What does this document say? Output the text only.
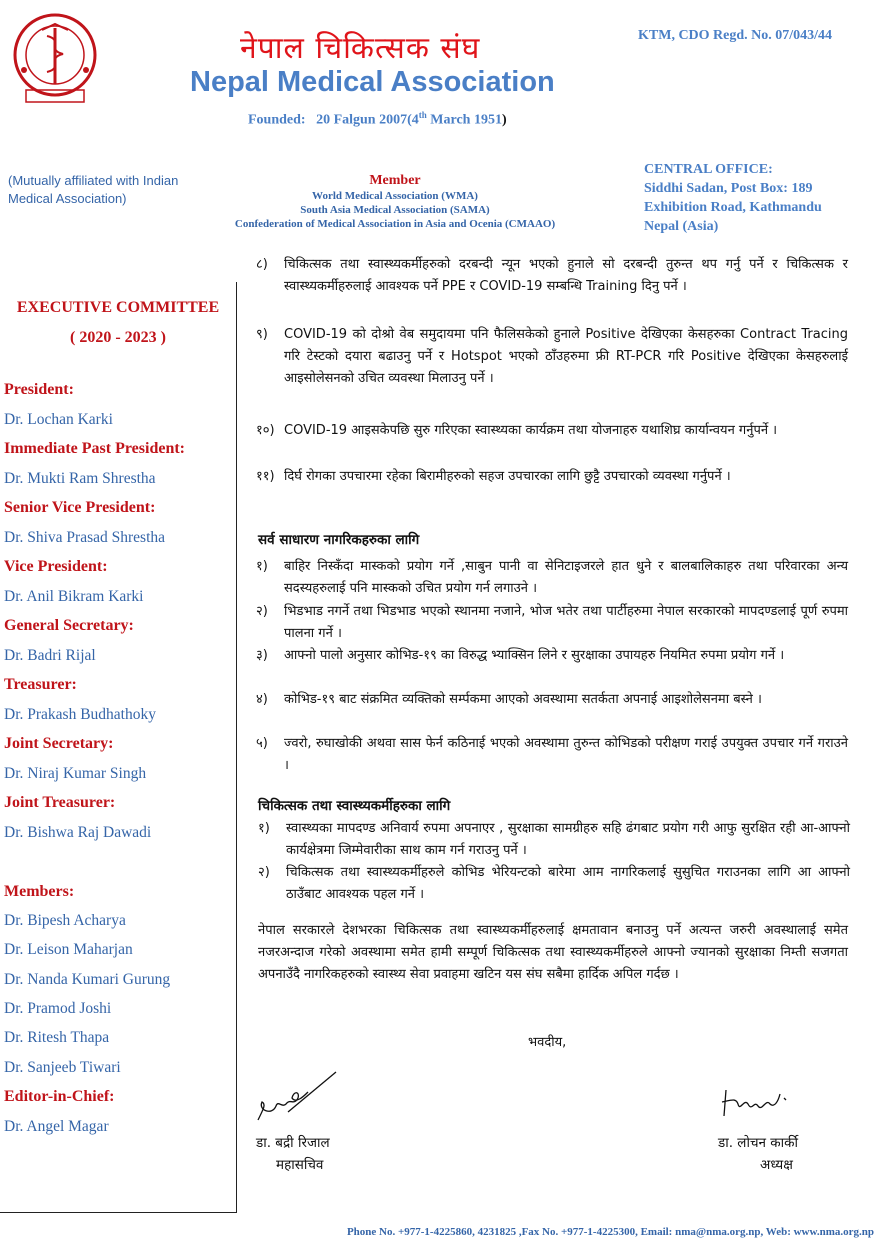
नेपाल चिकित्सक संघ
Nepal Medical Association
Founded: 20 Falgun 2007(4th March 1951)
KTM, CDO Regd. No. 07/043/44
(Mutually affiliated with Indian Medical Association)
Member
World Medical Association (WMA)
South Asia Medical Association (SAMA)
Confederation of Medical Association in Asia and Ocenia (CMAAO)
CENTRAL OFFICE:
Siddhi Sadan, Post Box: 189
Exhibition Road, Kathmandu
Nepal (Asia)
EXECUTIVE COMMITTEE
( 2020 - 2023 )
President:
Dr. Lochan Karki
Immediate Past President:
Dr. Mukti Ram Shrestha
Senior Vice President:
Dr. Shiva Prasad Shrestha
Vice President:
Dr. Anil Bikram Karki
General Secretary:
Dr. Badri Rijal
Treasurer:
Dr. Prakash Budhathoky
Joint Secretary:
Dr. Niraj Kumar Singh
Joint Treasurer:
Dr. Bishwa Raj Dawadi
Members:
Dr. Bipesh Acharya
Dr. Leison Maharjan
Dr. Nanda Kumari Gurung
Dr. Pramod Joshi
Dr. Ritesh Thapa
Dr. Sanjeeb Tiwari
Editor-in-Chief:
Dr. Angel Magar
८) चिकित्सक तथा स्वास्थ्यकर्मीहरुको दरबन्दी न्यून भएको हुनाले सो दरबन्दी तुरुन्त थप गर्नु पर्ने र चिकित्सक र स्वास्थ्यकर्मीहरुलाई आवश्यक पर्ने PPE र COVID-19 सम्बन्धि Training दिनु पर्ने ।
९) COVID-19 को दोश्रो वेब समुदायमा पनि फैलिसकेको हुनाले Positive देखिएका केसहरुका Contract Tracing गरि टेस्टको दयारा बढाउनु पर्ने र Hotspot भएको ठाँउहरुमा फ्री RT-PCR गरि Positive देखिएका केसहरुलाई आइसोलेसनको उचित व्यवस्था मिलाउनु पर्ने ।
१०) COVID-19 आइसकेपछि सुरु गरिएका स्वास्थ्यका कार्यक्रम तथा योजनाहरु यथाशिघ्र कार्यान्वयन गर्नुपर्ने ।
११) दिर्घ रोगका उपचारमा रहेका बिरामीहरुको सहज उपचारका लागि छुट्टै उपचारको व्यवस्था गर्नुपर्ने ।
सर्व साधारण नागरिकहरुका लागि
१) बाहिर निस्कँदा मास्कको प्रयोग गर्ने ,साबुन पानी वा सेनिटाइजरले हात धुने र बालबालिकाहरु तथा परिवारका अन्य सदस्यहरुलाई पनि मास्कको उचित प्रयोग गर्न लगाउने ।
२) भिडभाड नगर्ने तथा भिडभाड भएको स्थानमा नजाने, भोज भतेर तथा पार्टीहरुमा नेपाल सरकारको मापदण्डलाई पूर्ण रुपमा पालना गर्ने ।
३) आफ्नो पालो अनुसार कोभिड-१९ का विरुद्ध भ्याक्सिन लिने र सुरक्षाका उपायहरु नियमित रुपमा प्रयोग गर्ने ।
४) कोभिड-१९ बाट संक्रमित व्यक्तिको सर्म्पकमा आएको अवस्थामा सतर्कता अपनाई आइशोलेसनमा बस्ने ।
५) ज्वरो, रुघाखोकी अथवा सास फेर्न कठिनाई भएको अवस्थामा तुरुन्त कोभिडको परीक्षण गराई उपयुक्त उपचार गर्ने गराउने ।
चिकित्सक तथा स्वास्थ्यकर्मीहरुका लागि
१) स्वास्थ्यका मापदण्ड अनिवार्य रुपमा अपनाएर , सुरक्षाका सामग्रीहरु सहि ढंगबाट प्रयोग गरी आफु सुरक्षित रही आ-आफ्नो कार्यक्षेत्रमा जिम्मेवारीका साथ काम गर्न गराउनु पर्ने ।
२) चिकित्सक तथा स्वास्थ्यकर्मीहरुले कोभिड भेरियन्टको बारेमा आम नागरिकलाई सुसुचित गराउनका लागि आ आफ्नो ठाउँबाट आवश्यक पहल गर्ने ।
नेपाल सरकारले देशभरका चिकित्सक तथा स्वास्थ्यकर्मीहरुलाई क्षमतावान बनाउनु पर्ने अत्यन्त जरुरी अवस्थालाई समेत नजरअन्दाज गरेको अवस्थामा समेत हामी सम्पूर्ण चिकित्सक तथा स्वास्थ्यकर्मीहरुले आफ्नो ज्यानको सुरक्षाका निम्ती सजगता अपनाउँदै नागरिकहरुको स्वास्थ्य सेवा प्रवाहमा खटिन यस संघ सबैमा हार्दिक अपिल गर्दछ ।
भवदीय,
डा. बद्री रिजाल
महासचिव
डा. लोचन कार्की
अध्यक्ष
Phone No. +977-1-4225860, 4231825 ,Fax No. +977-1-4225300, Email: nma@nma.org.np, Web: www.nma.org.np
